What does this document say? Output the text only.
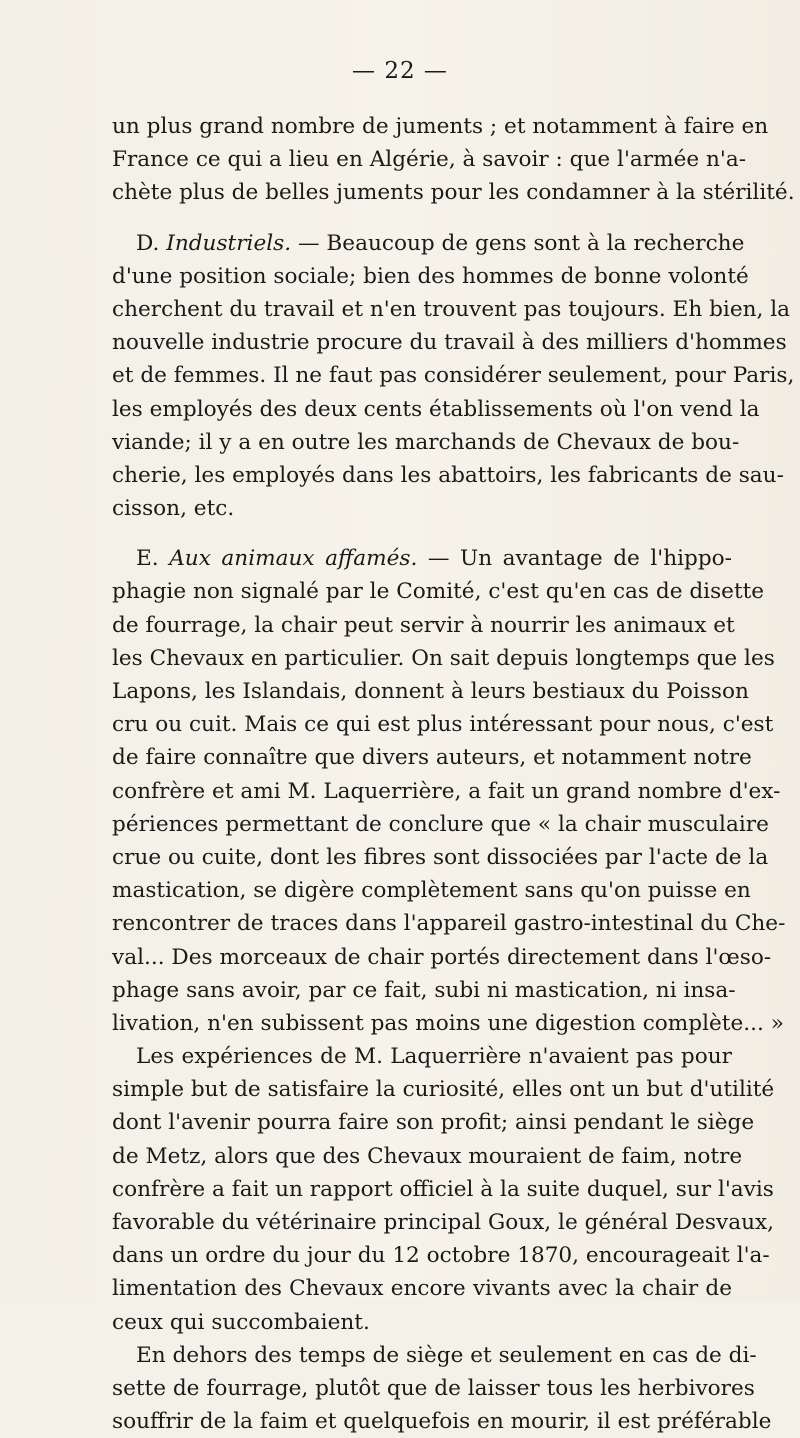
— 22 —
un plus grand nombre de juments ; et notamment à faire en
France ce qui a lieu en Algérie, à savoir : que l'armée n'a-
chète plus de belles juments pour les condamner à la stérilité.
D. Industriels. — Beaucoup de gens sont à la recherche
d'une position sociale; bien des hommes de bonne volonté
cherchent du travail et n'en trouvent pas toujours. Eh bien, la
nouvelle industrie procure du travail à des milliers d'hommes
et de femmes. Il ne faut pas considérer seulement, pour Paris,
les employés des deux cents établissements où l'on vend la
viande; il y a en outre les marchands de Chevaux de bou-
cherie, les employés dans les abattoirs, les fabricants de sau-
cisson, etc.
E. Aux animaux affamés. — Un avantage de l'hippo-
phagie non signalé par le Comité, c'est qu'en cas de disette
de fourrage, la chair peut servir à nourrir les animaux et
les Chevaux en particulier. On sait depuis longtemps que les
Lapons, les Islandais, donnent à leurs bestiaux du Poisson
cru ou cuit. Mais ce qui est plus intéressant pour nous, c'est
de faire connaître que divers auteurs, et notamment notre
confrère et ami M. Laquerrière, a fait un grand nombre d'ex-
périences permettant de conclure que « la chair musculaire
crue ou cuite, dont les fibres sont dissociées par l'acte de la
mastication, se digère complètement sans qu'on puisse en
rencontrer de traces dans l'appareil gastro-intestinal du Che-
val... Des morceaux de chair portés directement dans l'œso-
phage sans avoir, par ce fait, subi ni mastication, ni insa-
livation, n'en subissent pas moins une digestion complète... »
Les expériences de M. Laquerrière n'avaient pas pour
simple but de satisfaire la curiosité, elles ont un but d'utilité
dont l'avenir pourra faire son profit; ainsi pendant le siège
de Metz, alors que des Chevaux mouraient de faim, notre
confrère a fait un rapport officiel à la suite duquel, sur l'avis
favorable du vétérinaire principal Goux, le général Desvaux,
dans un ordre du jour du 12 octobre 1870, encourageait l'a-
limentation des Chevaux encore vivants avec la chair de
ceux qui succombaient.
En dehors des temps de siège et seulement en cas de di-
sette de fourrage, plutôt que de laisser tous les herbivores
souffrir de la faim et quelquefois en mourir, il est préférable
